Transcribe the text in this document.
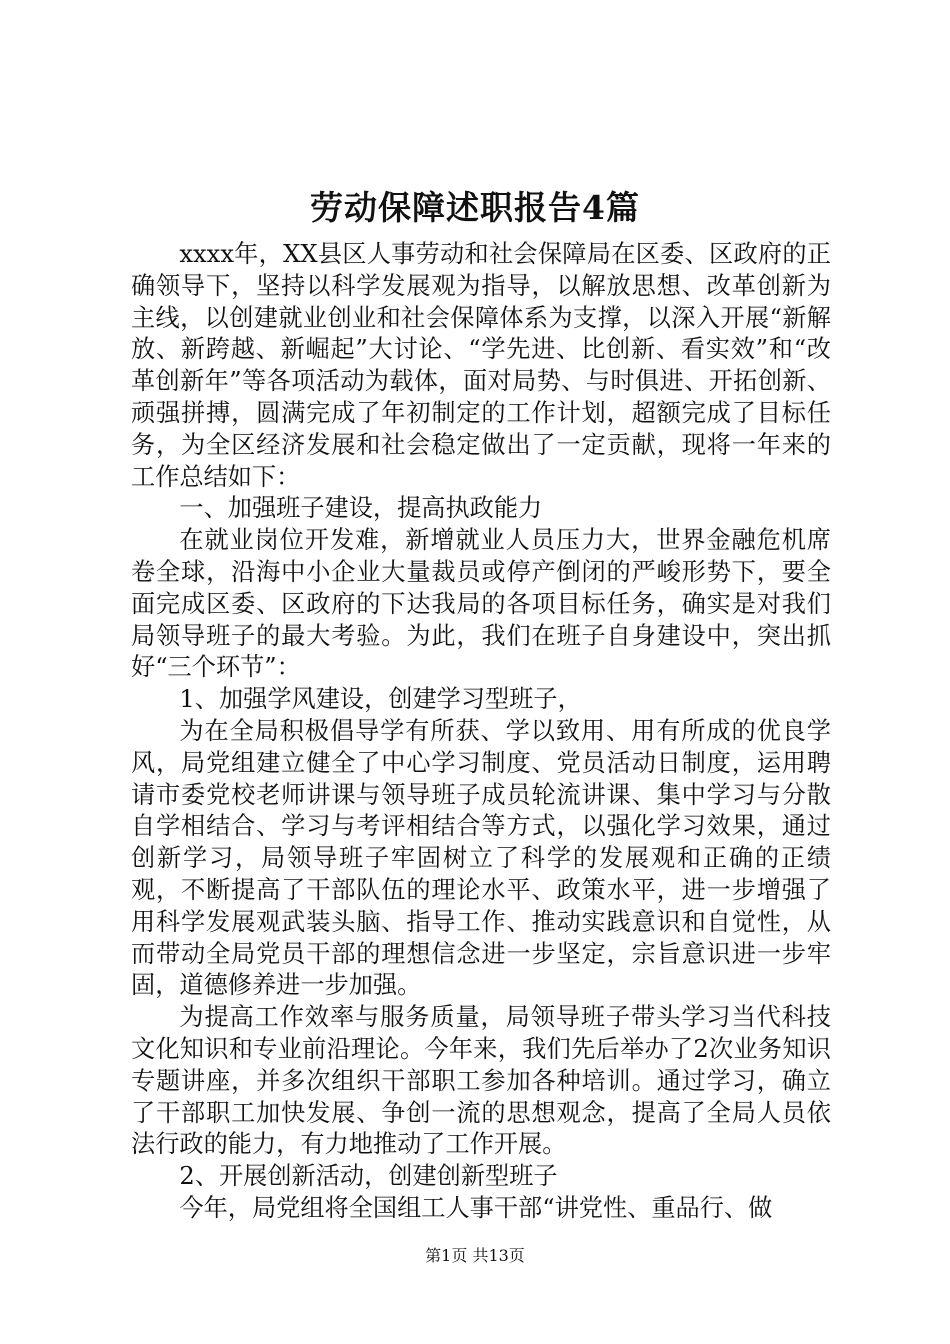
劳动保障述职报告4篇

xxxx年，XX县区人事劳动和社会保障局在区委、区政府的正确领导下，坚持以科学发展观为指导，以解放思想、改革创新为主线，以创建就业创业和社会保障体系为支撑，以深入开展“新解放、新跨越、新崛起”大讨论、“学先进、比创新、看实效”和“改革创新年”等各项活动为载体，面对局势、与时俱进、开拓创新、顽强拼搏，圆满完成了年初制定的工作计划，超额完成了目标任务，为全区经济发展和社会稳定做出了一定贡献，现将一年来的工作总结如下：

一、加强班子建设，提高执政能力

在就业岗位开发难，新增就业人员压力大，世界金融危机席卷全球，沿海中小企业大量裁员或停产倒闭的严峻形势下，要全面完成区委、区政府的下达我局的各项目标任务，确实是对我们局领导班子的最大考验。为此，我们在班子自身建设中，突出抓好“三个环节”：

1、加强学风建设，创建学习型班子，

为在全局积极倡导学有所获、学以致用、用有所成的优良学风，局党组建立健全了中心学习制度、党员活动日制度，运用聘请市委党校老师讲课与领导班子成员轮流讲课、集中学习与分散自学相结合、学习与考评相结合等方式，以强化学习效果，通过创新学习，局领导班子牢固树立了科学的发展观和正确的正绩观，不断提高了干部队伍的理论水平、政策水平，进一步增强了用科学发展观武装头脑、指导工作、推动实践意识和自觉性，从而带动全局党员干部的理想信念进一步坚定，宗旨意识进一步牢固，道德修养进一步加强。

为提高工作效率与服务质量，局领导班子带头学习当代科技文化知识和专业前沿理论。今年来，我们先后举办了2次业务知识专题讲座，并多次组织干部职工参加各种培训。通过学习，确立了干部职工加快发展、争创一流的思想观念，提高了全局人员依法行政的能力，有力地推动了工作开展。

2、开展创新活动，创建创新型班子

今年，局党组将全国组工人事干部“讲党性、重品行、做

第1页 共13页
